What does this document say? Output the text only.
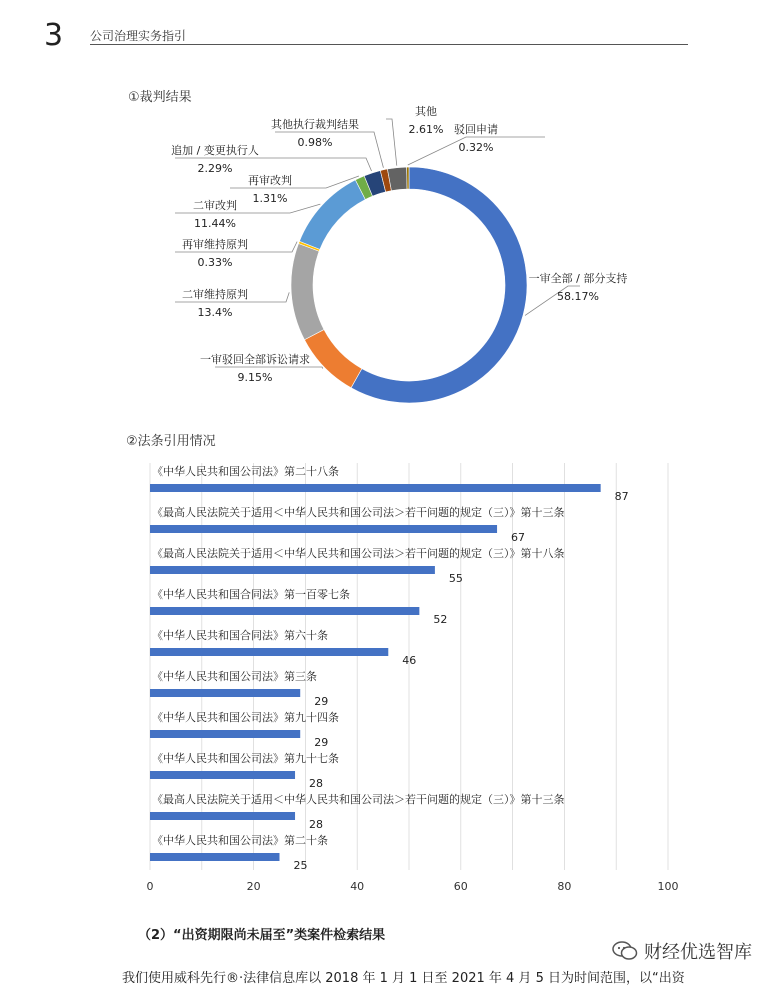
3 公司治理实务指引
①裁判结果
一审全部 / 部分支持
58.17%
一审驳回全部诉讼请求
9.15%
二审维持原判
13.4%
再审维持原判
0.33%
二审改判
11.44%
再审改判
1.31%
追加 / 变更执行人
2.29%
其他执行裁判结果
0.98%
其他
2.61% 驳回申请
0.32%
②法条引用情况
《中华人民共和国公司法》第二十八条
87
《最高人民法院关于适用＜中华人民共和国公司法＞若干问题的规定（三）》第十三条
67
《最高人民法院关于适用＜中华人民共和国公司法＞若干问题的规定（三）》第十八条
55
《中华人民共和国合同法》第一百零七条
52
《中华人民共和国合同法》第六十条
46
《中华人民共和国公司法》第三条
29
《中华人民共和国公司法》第九十四条
29
《中华人民共和国公司法》第九十七条
28
《最高人民法院关于适用＜中华人民共和国公司法＞若干问题的规定（三）》第十三条
28
《中华人民共和国公司法》第二十条
25
0	20	40	60	80	100
（2）“出资期限尚未届至”类案件检索结果
我们使用威科先行®·法律信息库以 2018 年 1 月 1 日至 2021 年 4 月 5 日为时间范围，以“出资
财经优选智库
